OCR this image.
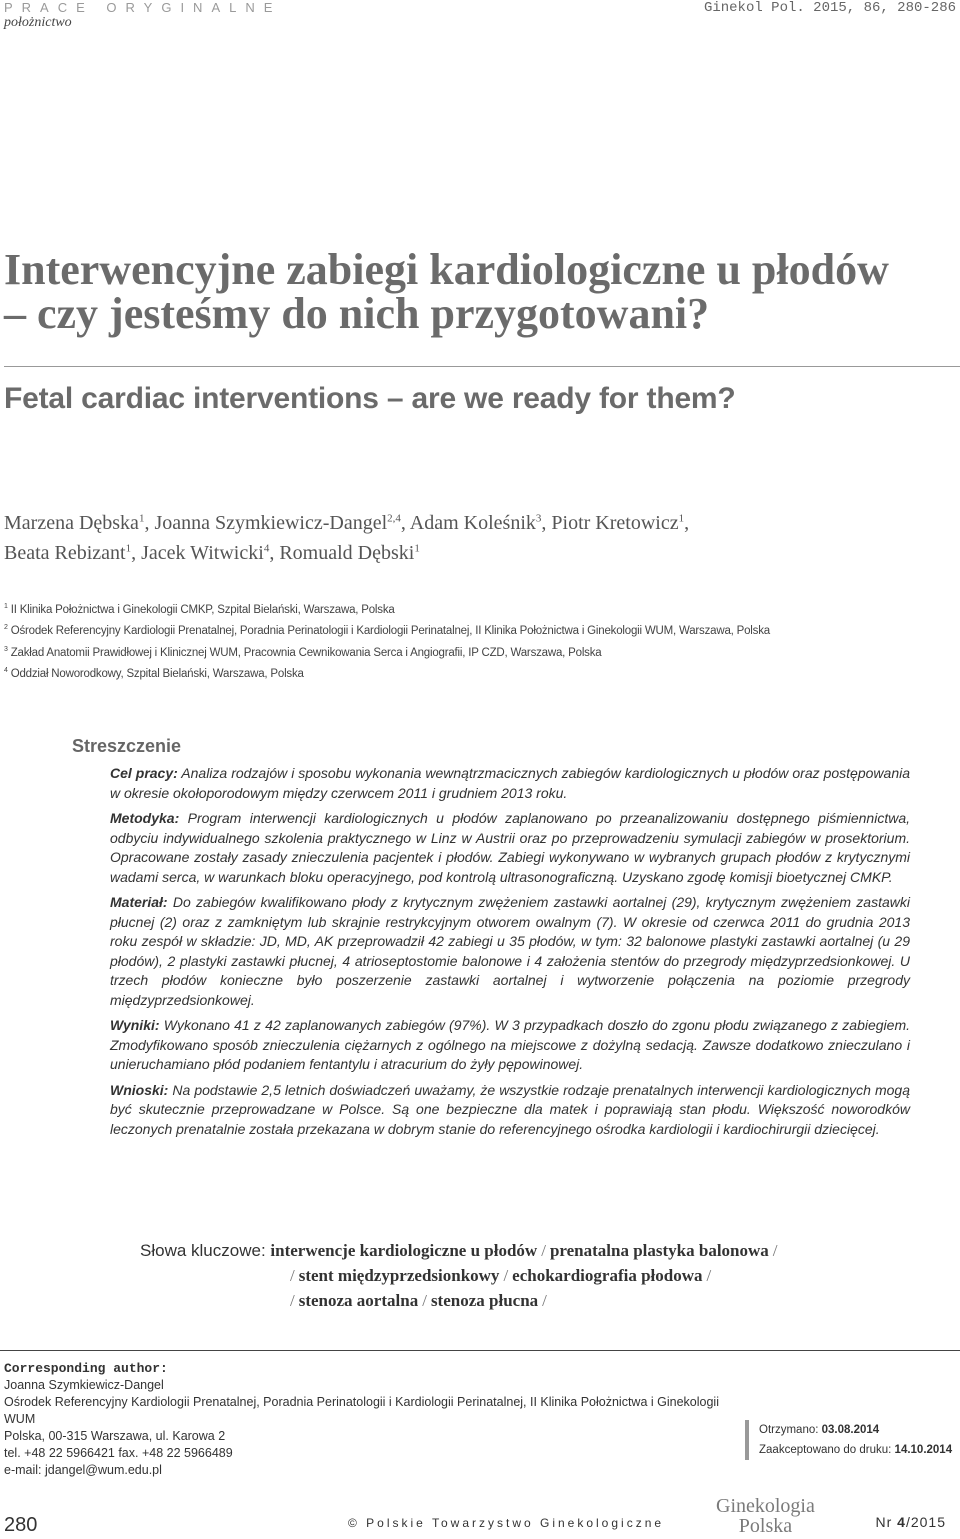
PRACE ORYGINALNE
położnictwo
Ginekol Pol. 2015, 86, 280-286
Interwencyjne zabiegi kardiologiczne u płodów
– czy jesteśmy do nich przygotowani?
Fetal cardiac interventions – are we ready for them?
Marzena Dębska$^1$, Joanna Szymkiewicz-Dangel$^{2,4}$, Adam Koleśnik$^3$, Piotr Kretowicz$^1$,
Beata Rebizant$^1$, Jacek Witwicki$^4$, Romuald Dębski$^1$
$^1$ II Klinika Położnictwa i Ginekologii CMKP, Szpital Bielański, Warszawa, Polska
$^2$ Ośrodek Referencyjny Kardiologii Prenatalnej, Poradnia Perinatologii i Kardiologii Perinatalnej, II Klinika Położnictwa i Ginekologii WUM, Warszawa, Polska
$^3$ Zakład Anatomii Prawidłowej i Klinicznej WUM, Pracownia Cewnikowania Serca i Angiografii, IP CZD, Warszawa, Polska
$^4$ Oddział Noworodkowy, Szpital Bielański, Warszawa, Polska
Streszczenie

Cel pracy: Analiza rodzajów i sposobu wykonania wewnątrzmacicznych zabiegów kardiologicznych u płodów oraz postępowania w okresie okołoporodowym między czerwcem 2011 i grudniem 2013 roku.

Metodyka: Program interwencji kardiologicznych u płodów zaplanowano po przeanalizowaniu dostępnego piśmiennictwa, odbyciu indywidualnego szkolenia praktycznego w Linz w Austrii oraz po przeprowadzeniu symulacji zabiegów w prosektorium. Opracowane zostały zasady znieczulenia pacjentek i płodów. Zabiegi wykonywano w wybranych grupach płodów z krytycznymi wadami serca, w warunkach bloku operacyjnego, pod kontrolą ultrasonograficzną. Uzyskano zgodę komisji bioetycznej CMKP.

Materiał: Do zabiegów kwalifikowano płody z krytycznym zwężeniem zastawki aortalnej (29), krytycznym zwężeniem zastawki płucnej (2) oraz z zamkniętym lub skrajnie restrykcyjnym otworem owalnym (7). W okresie od czerwca 2011 do grudnia 2013 roku zespół w składzie: JD, MD, AK przeprowadził 42 zabiegi u 35 płodów, w tym: 32 balonowe plastyki zastawki aortalnej (u 29 płodów), 2 plastyki zastawki płucnej, 4 atrioseptostomie balonowe i 4 założenia stentów do przegrody międzyprzedsionkowej. U trzech płodów konieczne było poszerzenie zastawki aortalnej i wytworzenie połączenia na poziomie przegrody międzyprzedsionkowej.

Wyniki: Wykonano 41 z 42 zaplanowanych zabiegów (97%). W 3 przypadkach doszło do zgonu płodu związanego z zabiegiem. Zmodyfikowano sposób znieczulenia ciężarnych z ogólnego na miejscowe z dożylną sedacją. Zawsze dodatkowo znieczulano i unieruchamiano płód podaniem fentantylu i atracurium do żyły pępowinowej.

Wnioski: Na podstawie 2,5 letnich doświadczeń uważamy, że wszystkie rodzaje prenatalnych interwencji kardiologicznych mogą być skutecznie przeprowadzane w Polsce. Są one bezpieczne dla matek i poprawiają stan płodu. Większość noworodków leczonych prenatalnie została przekazana w dobrym stanie do referencyjnego ośrodka kardiologii i kardiochirurgii dziecięcej.

Słowa kluczowe: interwencje kardiologiczne u płodów / prenatalna plastyka balonowa /
/ stent międzyprzedsionkowy / echokardiografia płodowa /
/ stenoza aortalna / stenoza płucna /
Corresponding author:
Joanna Szymkiewicz-Dangel
Ośrodek Referencyjny Kardiologii Prenatalnej, Poradnia Perinatologii i Kardiologii Perinatalnej, II Klinika Położnictwa i Ginekologii WUM
Polska, 00-315 Warszawa, ul. Karowa 2
tel. +48 22 5966421 fax. +48 22 5966489
e-mail: jdangel@wum.edu.pl
Otrzymano: 03.08.2014
Zaakceptowano do druku: 14.10.2014
280	© Polskie Towarzystwo Ginekologiczne
Ginekologia
Polska	Nr 4/2015
